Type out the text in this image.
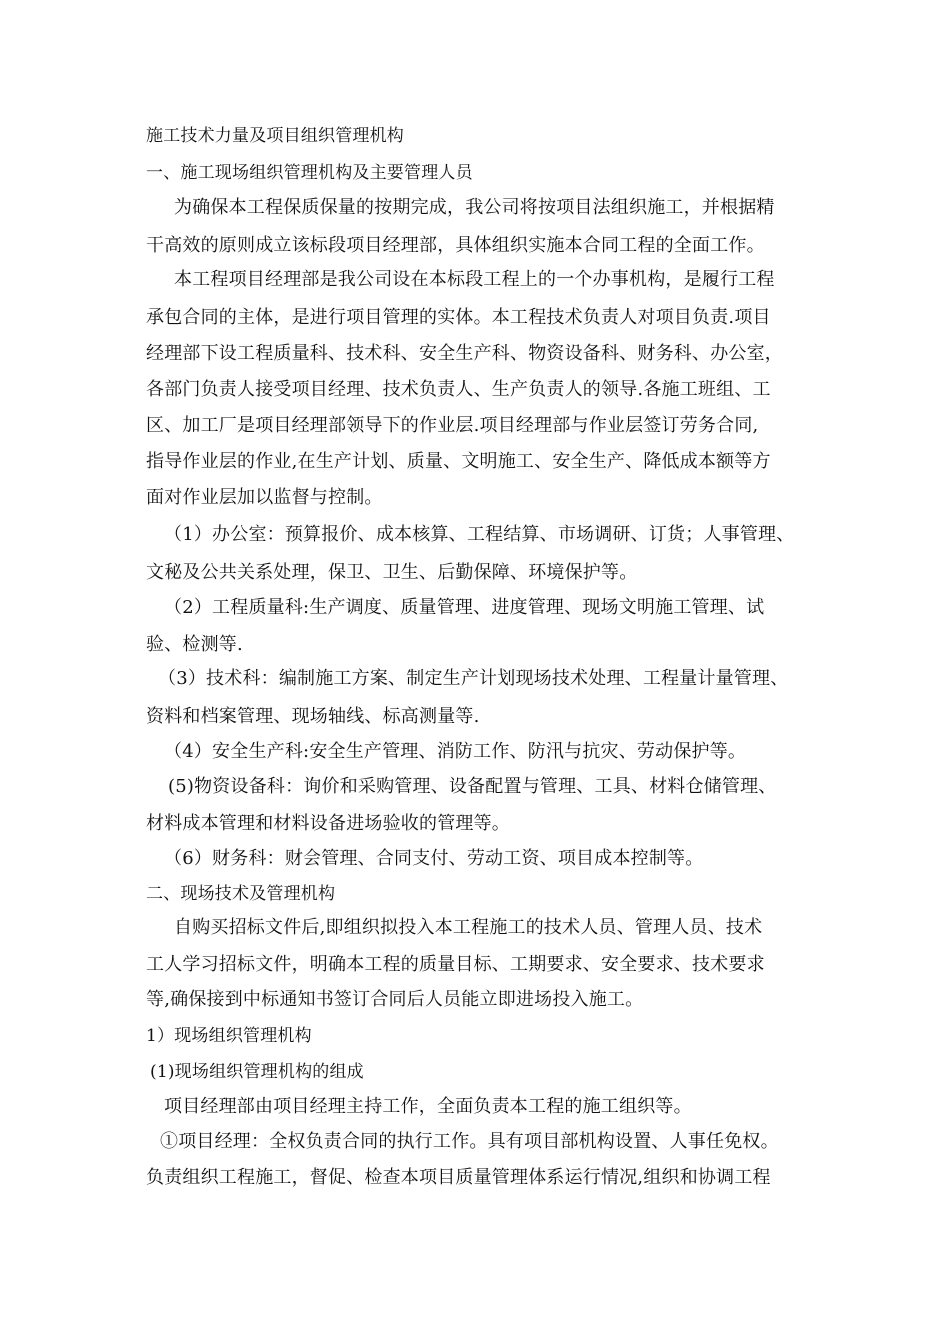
施工技术力量及项目组织管理机构
一、施工现场组织管理机构及主要管理人员
为确保本工程保质保量的按期完成，我公司将按项目法组织施工，并根据精
干高效的原则成立该标段项目经理部，具体组织实施本合同工程的全面工作。
本工程项目经理部是我公司设在本标段工程上的一个办事机构，是履行工程
承包合同的主体，是进行项目管理的实体。本工程技术负责人对项目负责.项目
经理部下设工程质量科、技术科、安全生产科、物资设备科、财务科、办公室，
各部门负责人接受项目经理、技术负责人、生产负责人的领导.各施工班组、工
区、加工厂是项目经理部领导下的作业层.项目经理部与作业层签订劳务合同,
指导作业层的作业,在生产计划、质量、文明施工、安全生产、降低成本额等方
面对作业层加以监督与控制。
（1）办公室：预算报价、成本核算、工程结算、市场调研、订货；人事管理、
文秘及公共关系处理，保卫、卫生、后勤保障、环境保护等。
（2）工程质量科:生产调度、质量管理、进度管理、现场文明施工管理、试
验、检测等.
（3）技术科：编制施工方案、制定生产计划现场技术处理、工程量计量管理、
资料和档案管理、现场轴线、标高测量等.
（4）安全生产科:安全生产管理、消防工作、防汛与抗灾、劳动保护等。
(5)物资设备科：询价和采购管理、设备配置与管理、工具、材料仓储管理、
材料成本管理和材料设备进场验收的管理等。
（6）财务科：财会管理、合同支付、劳动工资、项目成本控制等。
二、现场技术及管理机构
自购买招标文件后,即组织拟投入本工程施工的技术人员、管理人员、技术
工人学习招标文件，明确本工程的质量目标、工期要求、安全要求、技术要求
等,确保接到中标通知书签订合同后人员能立即进场投入施工。
1）现场组织管理机构
(1)现场组织管理机构的组成
项目经理部由项目经理主持工作，全面负责本工程的施工组织等。
①项目经理：全权负责合同的执行工作。具有项目部机构设置、人事任免权。
负责组织工程施工，督促、检查本项目质量管理体系运行情况,组织和协调工程
